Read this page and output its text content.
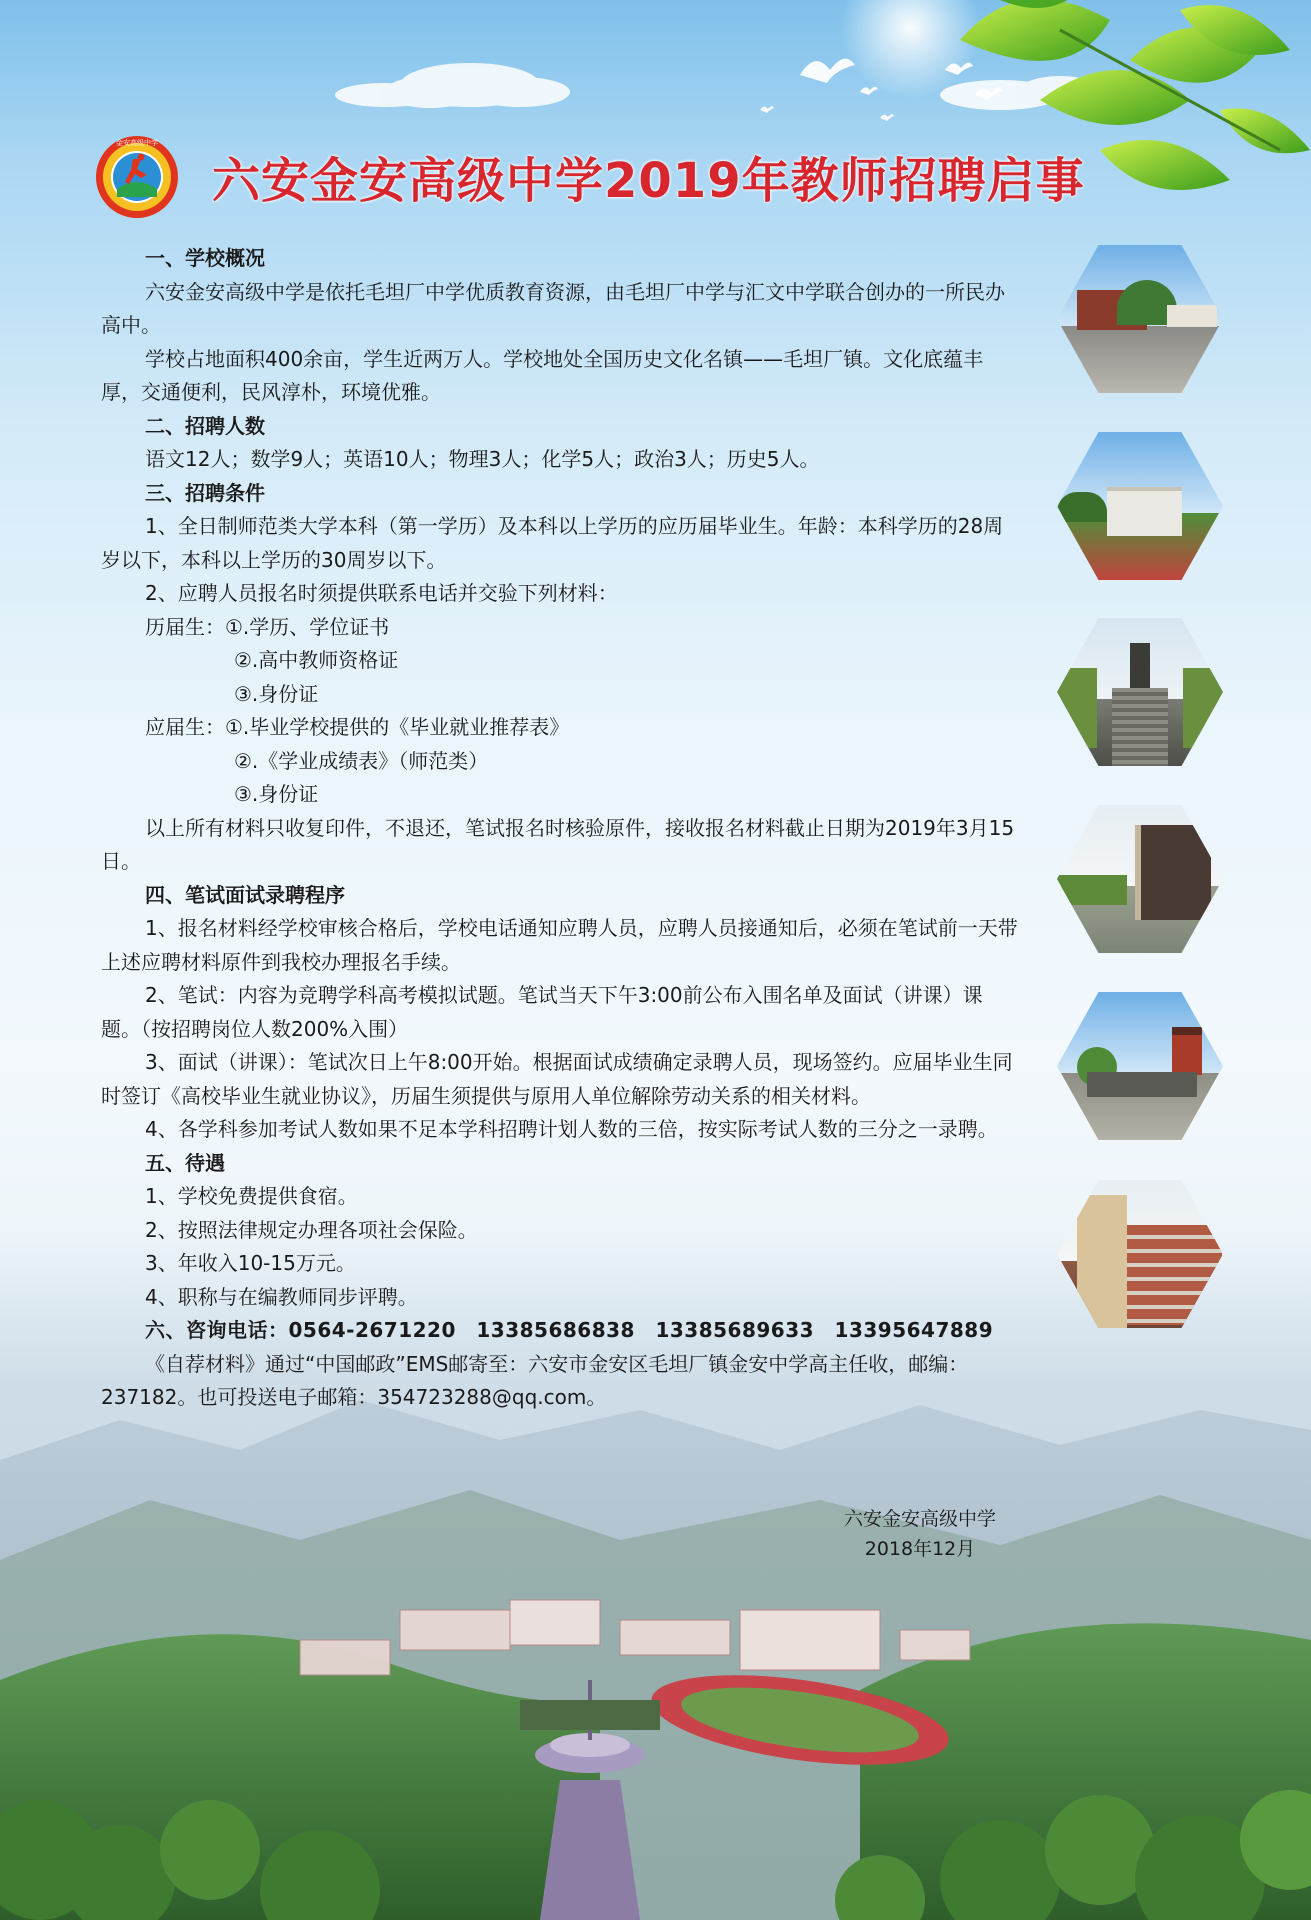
金安高级中学
六安金安高级中学2019年教师招聘启事

一、学校概况

六安金安高级中学是依托毛坦厂中学优质教育资源，由毛坦厂中学与汇文中学联合创办的一所民办高中。

学校占地面积400余亩，学生近两万人。学校地处全国历史文化名镇——毛坦厂镇。文化底蕴丰厚，交通便利，民风淳朴，环境优雅。

二、招聘人数

语文12人；数学9人；英语10人；物理3人；化学5人；政治3人；历史5人。

三、招聘条件

1、全日制师范类大学本科（第一学历）及本科以上学历的应历届毕业生。年龄：本科学历的28周岁以下，本科以上学历的30周岁以下。

2、应聘人员报名时须提供联系电话并交验下列材料：

历届生：①.学历、学位证书

②.高中教师资格证

③.身份证

应届生：①.毕业学校提供的《毕业就业推荐表》

②.《学业成绩表》（师范类）

③.身份证

以上所有材料只收复印件，不退还，笔试报名时核验原件，接收报名材料截止日期为2019年3月15日。

四、笔试面试录聘程序

1、报名材料经学校审核合格后，学校电话通知应聘人员，应聘人员接通知后，必须在笔试前一天带上述应聘材料原件到我校办理报名手续。

2、笔试：内容为竞聘学科高考模拟试题。笔试当天下午3:00前公布入围名单及面试（讲课）课题。（按招聘岗位人数200%入围）

3、面试（讲课）：笔试次日上午8:00开始。根据面试成绩确定录聘人员，现场签约。应届毕业生同时签订《高校毕业生就业协议》，历届生须提供与原用人单位解除劳动关系的相关材料。

4、各学科参加考试人数如果不足本学科招聘计划人数的三倍，按实际考试人数的三分之一录聘。

五、待遇

1、学校免费提供食宿。

2、按照法律规定办理各项社会保险。

3、年收入10-15万元。

4、职称与在编教师同步评聘。

六、咨询电话：0564-2671220　13385686838　13385689633　13395647889

《自荐材料》通过“中国邮政”EMS邮寄至：六安市金安区毛坦厂镇金安中学高主任收，邮编：237182。也可投送电子邮箱：354723288@qq.com。

六安金安高级中学
2018年12月
